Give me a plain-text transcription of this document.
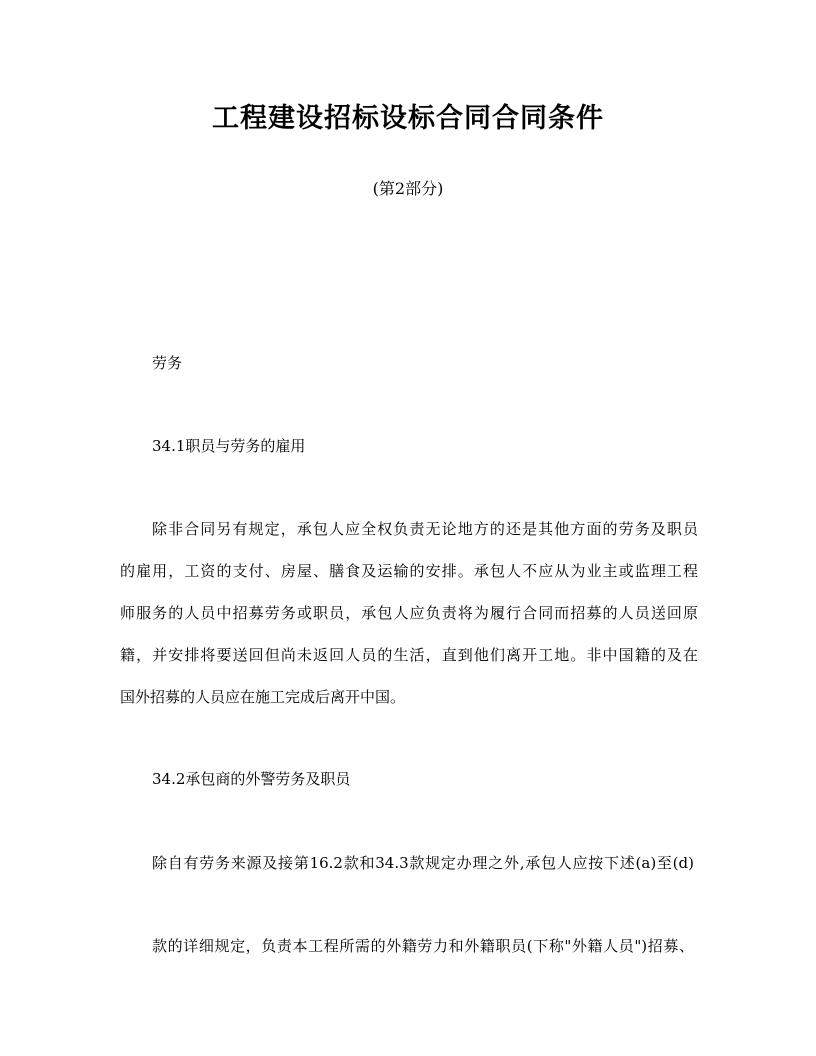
工程建设招标设标合同合同条件

(第2部分)

劳务

34.1职员与劳务的雇用

除非合同另有规定，承包人应全权负责无论地方的还是其他方面的劳务及职员

的雇用，工资的支付、房屋、膳食及运输的安排。承包人不应从为业主或监理工程

师服务的人员中招募劳务或职员，承包人应负责将为履行合同而招募的人员送回原

籍，并安排将要送回但尚未返回人员的生活，直到他们离开工地。非中国籍的及在

国外招募的人员应在施工完成后离开中国。

34.2承包商的外警劳务及职员

除自有劳务来源及接第16.2款和34.3款规定办理之外,承包人应按下述(a)至(d)

款的详细规定，负责本工程所需的外籍劳力和外籍职员(下称"外籍人员")招募、
